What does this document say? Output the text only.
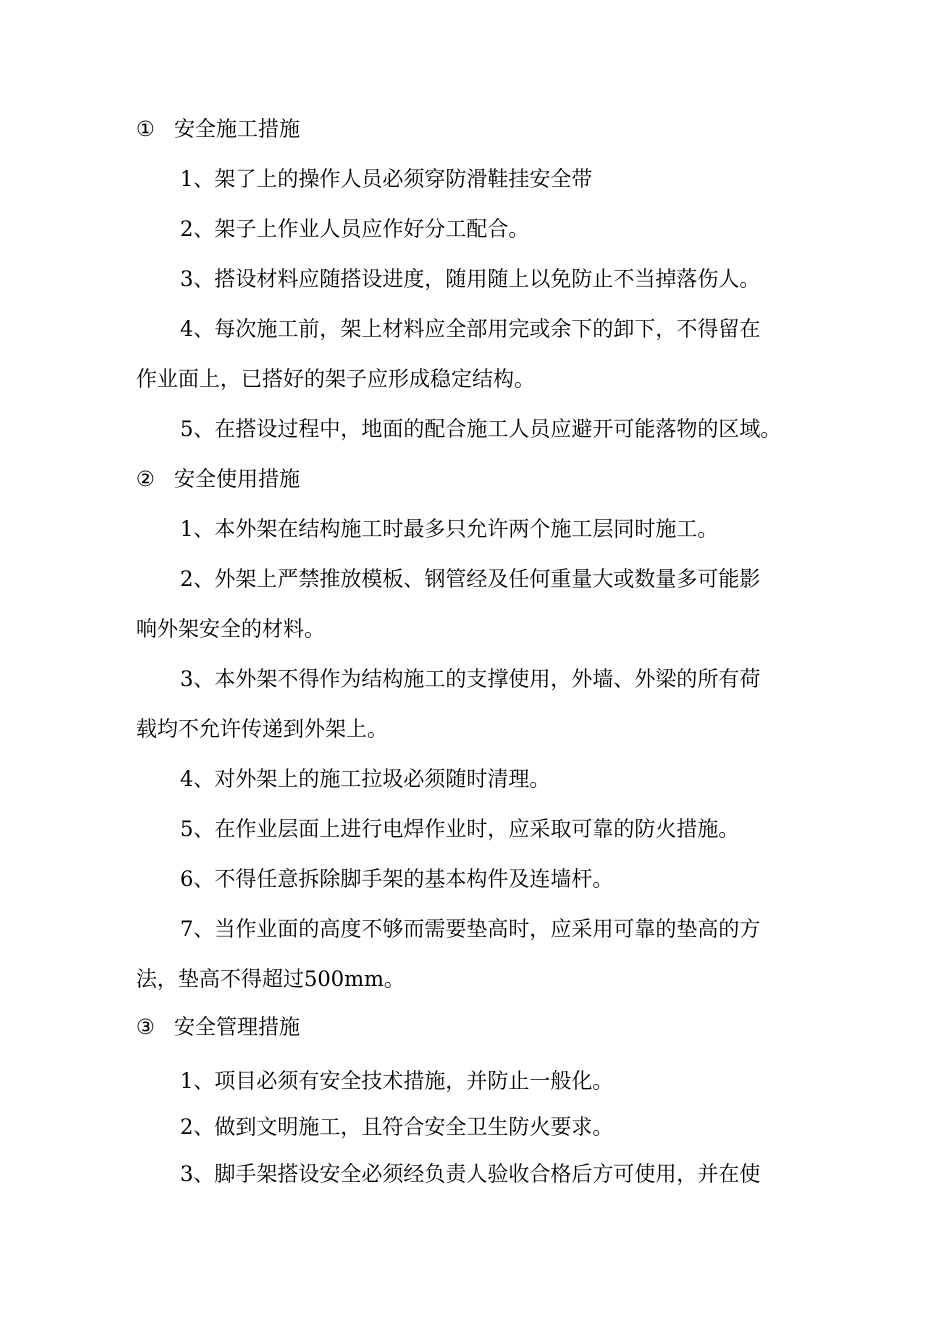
① 安全施工措施
1、架了上的操作人员必须穿防滑鞋挂安全带
2、架子上作业人员应作好分工配合。
3、搭设材料应随搭设进度，随用随上以免防止不当掉落伤人。
4、每次施工前，架上材料应全部用完或余下的卸下，不得留在
作业面上，已搭好的架子应形成稳定结构。
5、在搭设过程中，地面的配合施工人员应避开可能落物的区域。
② 安全使用措施
1、本外架在结构施工时最多只允许两个施工层同时施工。
2、外架上严禁推放模板、钢管经及任何重量大或数量多可能影
响外架安全的材料。
3、本外架不得作为结构施工的支撑使用，外墙、外梁的所有荷
载均不允许传递到外架上。
4、对外架上的施工拉圾必须随时清理。
5、在作业层面上进行电焊作业时，应采取可靠的防火措施。
6、不得任意拆除脚手架的基本构件及连墙杆。
7、当作业面的高度不够而需要垫高时，应采用可靠的垫高的方
法，垫高不得超过500mm。
③ 安全管理措施
1、项目必须有安全技术措施，并防止一般化。
2、做到文明施工，且符合安全卫生防火要求。
3、脚手架搭设安全必须经负责人验收合格后方可使用，并在使
